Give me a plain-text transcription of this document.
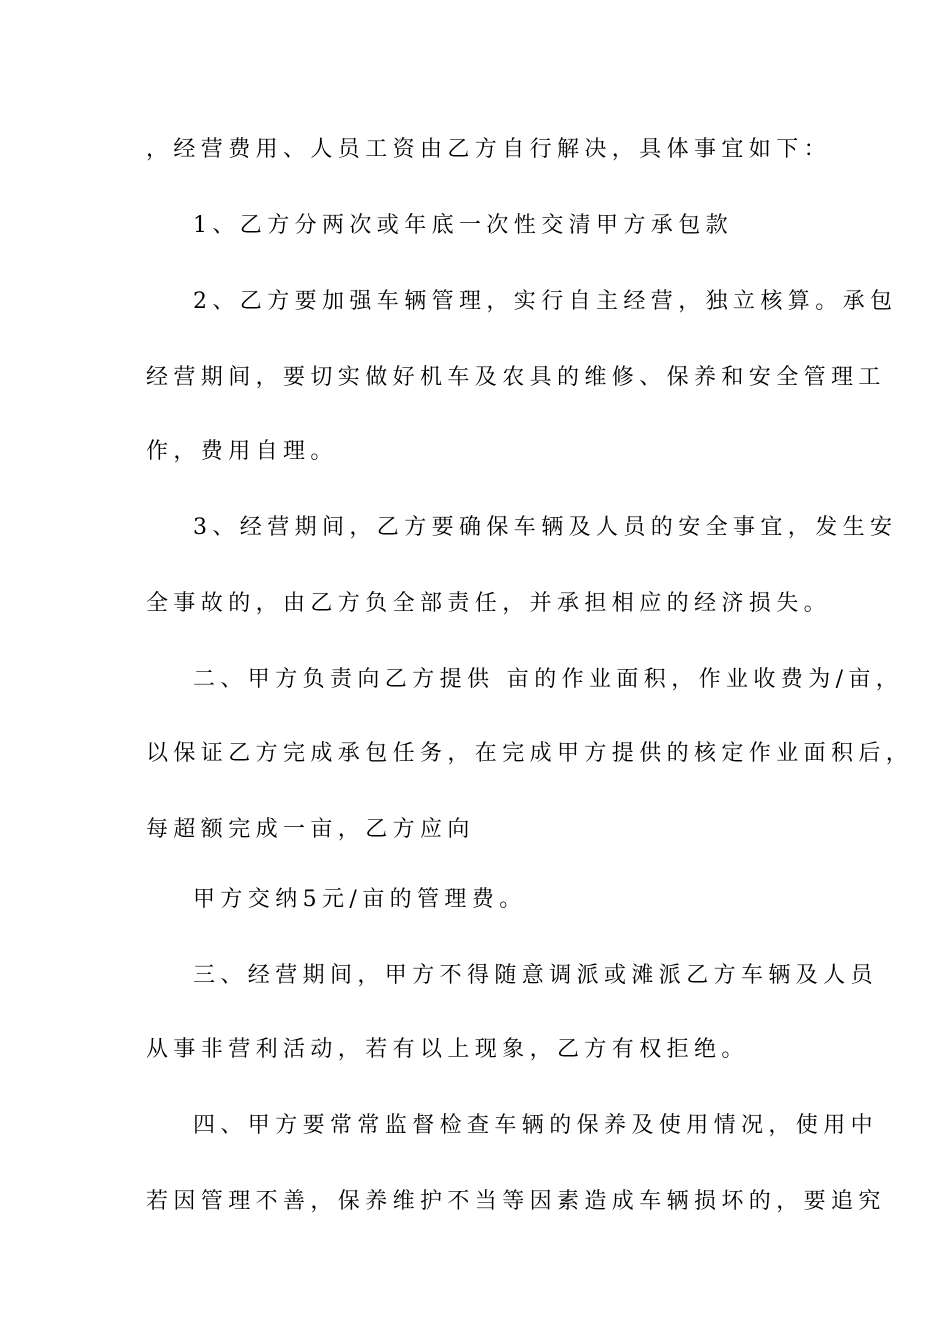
，经营费用、人员工资由乙方自行解决，具体事宜如下：
1、乙方分两次或年底一次性交清甲方承包款
2、乙方要加强车辆管理，实行自主经营，独立核算。承包
经营期间，要切实做好机车及农具的维修、保养和安全管理工
作，费用自理。
3、经营期间，乙方要确保车辆及人员的安全事宜，发生安
全事故的，由乙方负全部责任，并承担相应的经济损失。
二、甲方负责向乙方提供 亩的作业面积，作业收费为/亩，
以保证乙方完成承包任务，在完成甲方提供的核定作业面积后，
每超额完成一亩，乙方应向
甲方交纳5元/亩的管理费。
三、经营期间，甲方不得随意调派或滩派乙方车辆及人员
从事非营利活动，若有以上现象，乙方有权拒绝。
四、甲方要常常监督检查车辆的保养及使用情况，使用中
若因管理不善，保养维护不当等因素造成车辆损坏的，要追究
